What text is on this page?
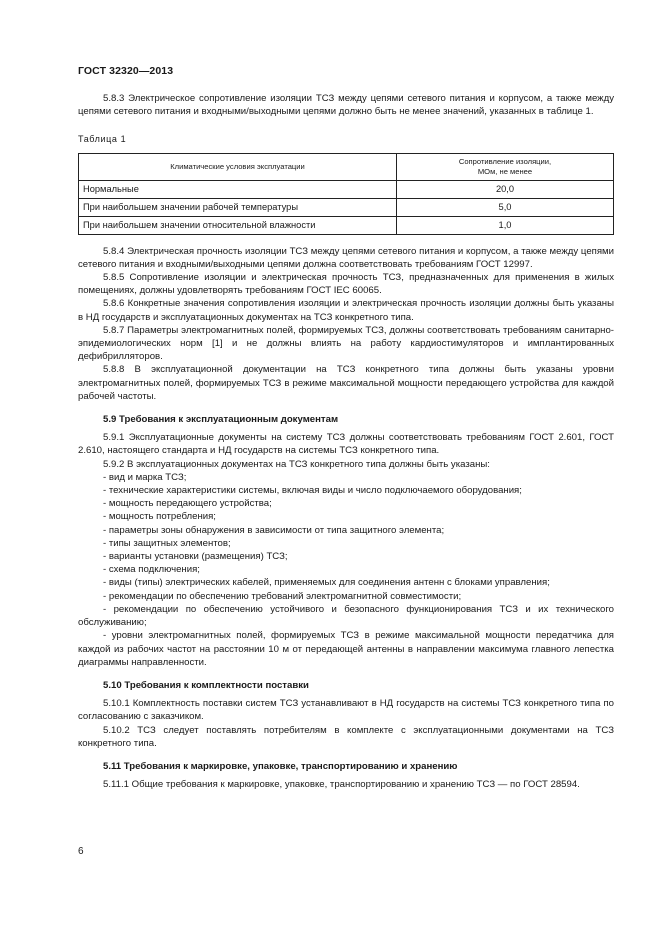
ГОСТ 32320—2013

5.8.3 Электрическое сопротивление изоляции ТСЗ между цепями сетевого питания и корпусом, а также между цепями сетевого питания и входными/выходными цепями должно быть не менее значений, указанных в таблице 1.

Таблица 1
Климатические условия эксплуатации	Сопротивление изоляции,
МОм, не менее
Нормальные	20,0
При наибольшем значении рабочей температуры	5,0
При наибольшем значении относительной влажности	1,0

5.8.4 Электрическая прочность изоляции ТСЗ между цепями сетевого питания и корпусом, а также между цепями сетевого питания и входными/выходными цепями должна соответствовать требованиям ГОСТ 12997.

5.8.5 Сопротивление изоляции и электрическая прочность ТСЗ, предназначенных для применения в жилых помещениях, должны удовлетворять требованиям ГОСТ IEC 60065.

5.8.6 Конкретные значения сопротивления изоляции и электрическая прочность изоляции должны быть указаны в НД государств и эксплуатационных документах на ТСЗ конкретного типа.

5.8.7 Параметры электромагнитных полей, формируемых ТСЗ, должны соответствовать требованиям санитарно-эпидемиологических норм [1] и не должны влиять на работу кардиостимуляторов и имплантированных дефибрилляторов.

5.8.8 В эксплуатационной документации на ТСЗ конкретного типа должны быть указаны уровни электромагнитных полей, формируемых ТСЗ в режиме максимальной мощности передающего устройства для каждой рабочей частоты.

5.9 Требования к эксплуатационным документам

5.9.1 Эксплуатационные документы на систему ТСЗ должны соответствовать требованиям ГОСТ 2.601, ГОСТ 2.610, настоящего стандарта и НД государств на системы ТСЗ конкретного типа.

5.9.2 В эксплуатационных документах на ТСЗ конкретного типа должны быть указаны:

- вид и марка ТСЗ;

- технические характеристики системы, включая виды и число подключаемого оборудования;

- мощность передающего устройства;

- мощность потребления;

- параметры зоны обнаружения в зависимости от типа защитного элемента;

- типы защитных элементов;

- варианты установки (размещения) ТСЗ;

- схема подключения;

- виды (типы) электрических кабелей, применяемых для соединения антенн с блоками управления;

- рекомендации по обеспечению требований электромагнитной совместимости;

- рекомендации по обеспечению устойчивого и безопасного функционирования ТСЗ и их технического обслуживанию;

- уровни электромагнитных полей, формируемых ТСЗ в режиме максимальной мощности передатчика для каждой из рабочих частот на расстоянии 10 м от передающей антенны в направлении максимума главного лепестка диаграммы направленности.

5.10 Требования к комплектности поставки

5.10.1 Комплектность поставки систем ТСЗ устанавливают в НД государств на системы ТСЗ конкретного типа по согласованию с заказчиком.

5.10.2 ТСЗ следует поставлять потребителям в комплекте с эксплуатационными документами на ТСЗ конкретного типа.

5.11 Требования к маркировке, упаковке, транспортированию и хранению

5.11.1 Общие требования к маркировке, упаковке, транспортированию и хранению ТСЗ — по ГОСТ 28594.

6
